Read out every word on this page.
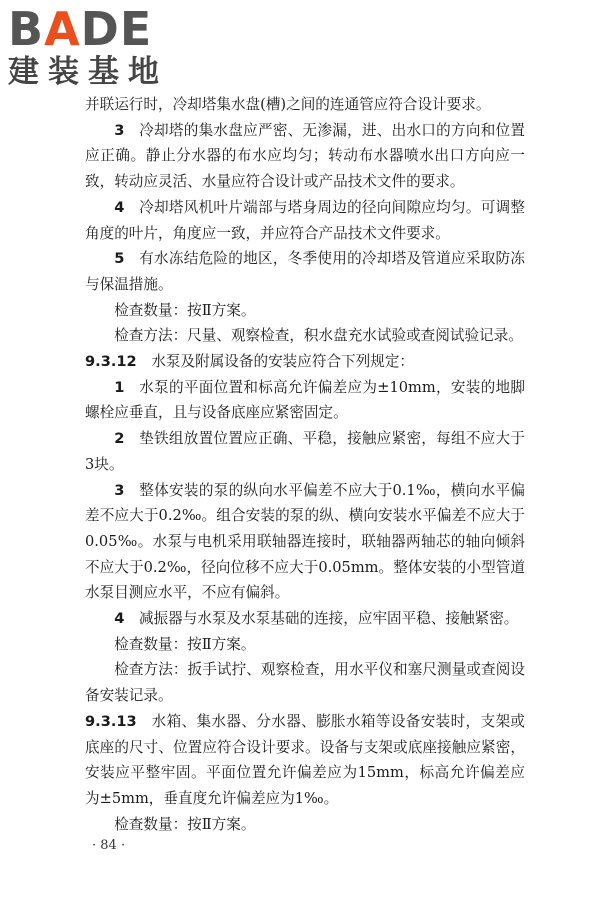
BADE
建装基地

并联运行时，冷却塔集水盘(槽)之间的连通管应符合设计要求。

3  冷却塔的集水盘应严密、无渗漏，进、出水口的方向和位置应正确。静止分水器的布水应均匀；转动布水器喷水出口方向应一致，转动应灵活、水量应符合设计或产品技术文件的要求。

4  冷却塔风机叶片端部与塔身周边的径向间隙应均匀。可调整角度的叶片，角度应一致，并应符合产品技术文件要求。

5  有水冻结危险的地区，冬季使用的冷却塔及管道应采取防冻与保温措施。

检查数量：按Ⅱ方案。

检查方法：尺量、观察检查，积水盘充水试验或查阅试验记录。

9.3.12  水泵及附属设备的安装应符合下列规定：

1  水泵的平面位置和标高允许偏差应为±10mm，安装的地脚螺栓应垂直，且与设备底座应紧密固定。

2  垫铁组放置位置应正确、平稳，接触应紧密，每组不应大于3块。

3  整体安装的泵的纵向水平偏差不应大于0.1‰，横向水平偏差不应大于0.2‰。组合安装的泵的纵、横向安装水平偏差不应大于0.05‰。水泵与电机采用联轴器连接时，联轴器两轴芯的轴向倾斜不应大于0.2‰，径向位移不应大于0.05mm。整体安装的小型管道水泵目测应水平，不应有偏斜。

4  减振器与水泵及水泵基础的连接，应牢固平稳、接触紧密。

检查数量：按Ⅱ方案。

检查方法：扳手试拧、观察检查，用水平仪和塞尺测量或查阅设备安装记录。

9.3.13  水箱、集水器、分水器、膨胀水箱等设备安装时，支架或底座的尺寸、位置应符合设计要求。设备与支架或底座接触应紧密，安装应平整牢固。平面位置允许偏差应为15mm，标高允许偏差应为±5mm，垂直度允许偏差应为1‰。

检查数量：按Ⅱ方案。

· 84 ·
